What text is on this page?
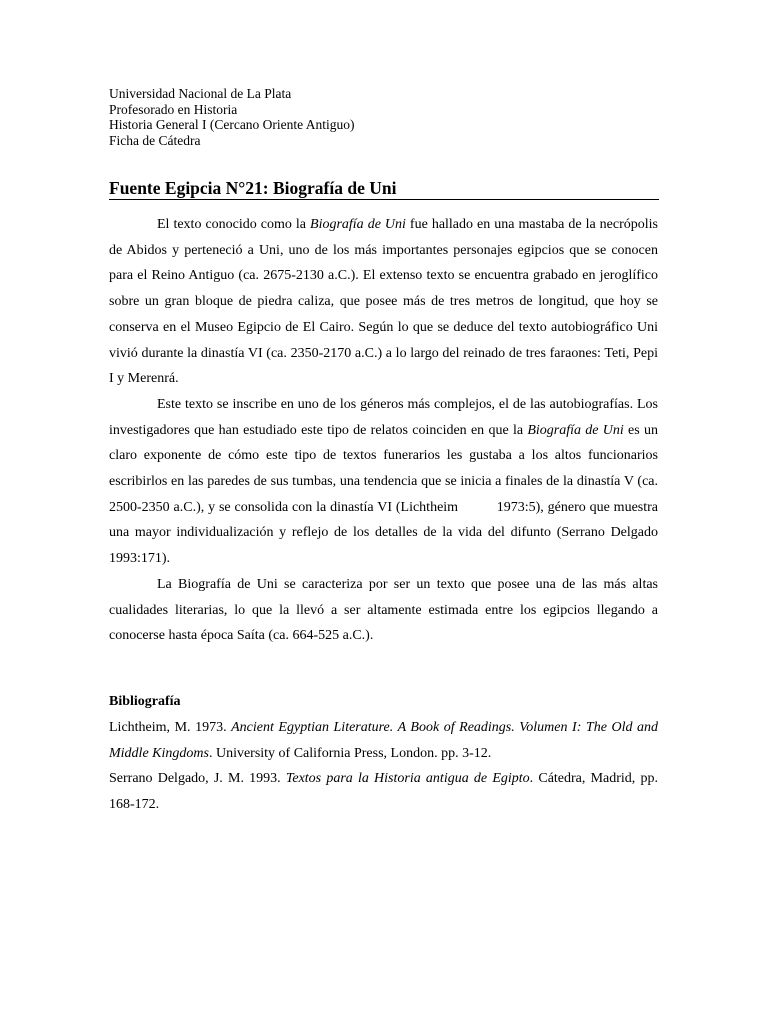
Universidad Nacional de La Plata
Profesorado en Historia
Historia General I (Cercano Oriente Antiguo)
Ficha de Cátedra
Fuente Egipcia N°21: Biografía de Uni

El texto conocido como la Biografía de Uni fue hallado en una mastaba de la necrópolis de Abidos y perteneció a Uni, uno de los más importantes personajes egipcios que se conocen para el Reino Antiguo (ca. 2675-2130 a.C.). El extenso texto se encuentra grabado en jeroglífico sobre un gran bloque de piedra caliza, que posee más de tres metros de longitud, que hoy se conserva en el Museo Egipcio de El Cairo. Según lo que se deduce del texto autobiográfico Uni vivió durante la dinastía VI (ca. 2350-2170 a.C.) a lo largo del reinado de tres faraones: Teti, Pepi I y Merenrá.

Este texto se inscribe en uno de los géneros más complejos, el de las autobiografías. Los investigadores que han estudiado este tipo de relatos coinciden en que la Biografía de Uni es un claro exponente de cómo este tipo de textos funerarios les gustaba a los altos funcionarios escribirlos en las paredes de sus tumbas, una tendencia que se inicia a finales de la dinastía V (ca. 2500-2350 a.C.), y se consolida con la dinastía VI (Lichtheim          1973:5), género que muestra una mayor individualización y reflejo de los detalles de la vida del difunto (Serrano Delgado 1993:171).

La Biografía de Uni se caracteriza por ser un texto que posee una de las más altas cualidades literarias, lo que la llevó a ser altamente estimada entre los egipcios llegando a conocerse hasta época Saíta (ca. 664-525 a.C.).

Bibliografía

Lichtheim, M. 1973. Ancient Egyptian Literature. A Book of Readings. Volumen I: The Old and Middle Kingdoms. University of California Press, London. pp. 3-12.

Serrano Delgado, J. M. 1993. Textos para la Historia antigua de Egipto. Cátedra, Madrid, pp. 168-172.
